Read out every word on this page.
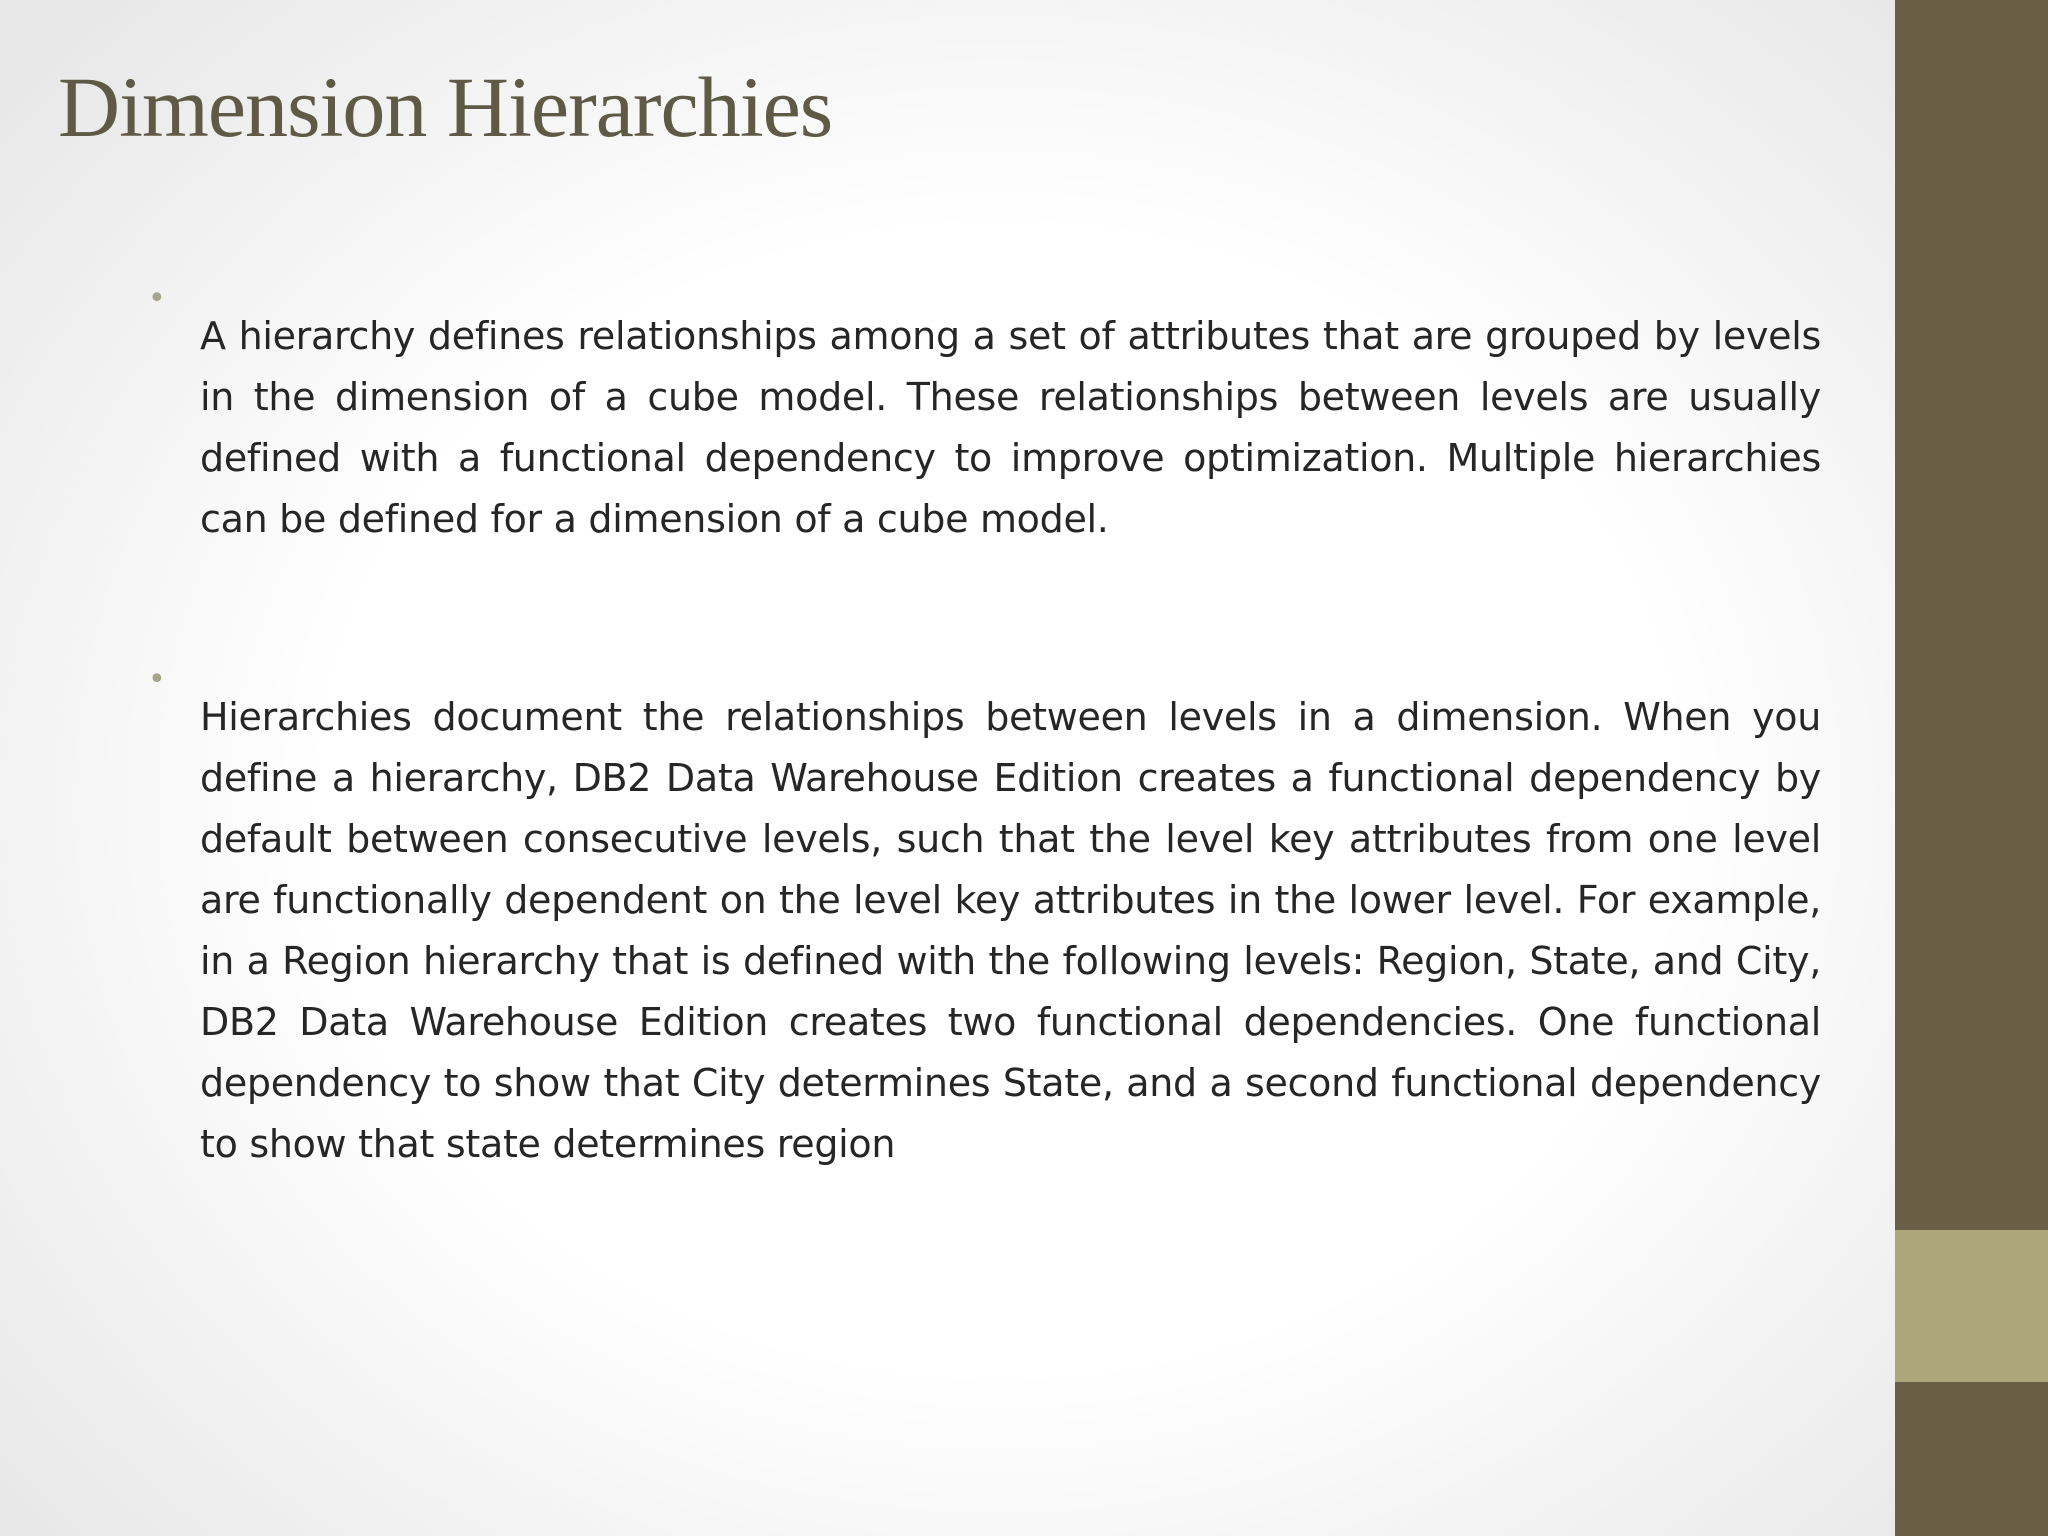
Dimension Hierarchies
•

A hierarchy defines relationships among a set of attributes that are grouped by levels in the dimension of a cube model. These relationships between levels are usually defined with a functional dependency to improve optimization. Multiple hierarchies can be defined for a dimension of a cube model.

•

Hierarchies document the relationships between levels in a dimension. When you define a hierarchy, DB2 Data Warehouse Edition creates a functional dependency by default between consecutive levels, such that the level key attributes from one level are functionally dependent on the level key attributes in the lower level. For example, in a Region hierarchy that is defined with the following levels: Region, State, and City, DB2 Data Warehouse Edition creates two functional dependencies. One functional dependency to show that City determines State, and a second functional dependency to show that state determines region
